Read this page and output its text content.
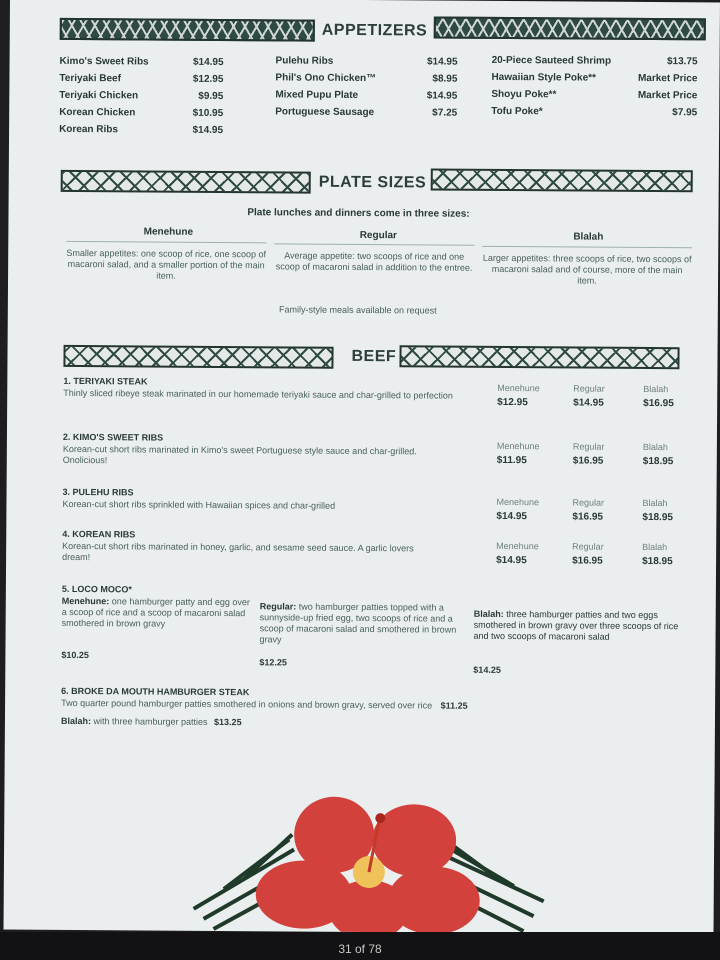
APPETIZERS
Kimo's Sweet Ribs	$14.95
Teriyaki Beef	$12.95
Teriyaki Chicken	$9.95
Korean Chicken	$10.95
Korean Ribs	$14.95
Pulehu Ribs	$14.95
Phil's Ono Chicken™	$8.95
Mixed Pupu Plate	$14.95
Portuguese Sausage	$7.25
20-Piece Sauteed Shrimp	$13.75
Hawaiian Style Poke**	Market Price
Shoyu Poke**	Market Price
Tofu Poke*	$7.95
PLATE SIZES
Plate lunches and dinners come in three sizes:
Menehune	Regular	Blalah
Smaller appetites: one scoop of rice, one scoop of macaroni salad, and a smaller portion of the main item.
Average appetite: two scoops of rice and one scoop of macaroni salad in addition to the entree.
Larger appetites: three scoops of rice, two scoops of macaroni salad and of course, more of the main item.
Family-style meals available on request
BEEF
1. TERIYAKI STEAK
Thinly sliced ribeye steak marinated in our homemade teriyaki sauce and char-grilled to perfection	Menehune	Regular	Blalah
$12.95	$14.95	$16.95
2. KIMO'S SWEET RIBS
Korean-cut short ribs marinated in Kimo's sweet Portuguese style sauce and char-grilled. Onolicious!
Menehune	Regular	Blalah
$11.95	$16.95	$18.95
3. PULEHU RIBS
Korean-cut short ribs sprinkled with Hawaiian spices and char-grilled	Menehune	Regular	Blalah
$14.95	$16.95	$18.95
4. KOREAN RIBS
Korean-cut short ribs marinated in honey, garlic, and sesame seed sauce. A garlic lovers dream!
Menehune	Regular	Blalah
$14.95	$16.95	$18.95
5. LOCO MOCO*
Menehune: one hamburger patty and egg over a scoop of rice and a scoop of macaroni salad smothered in brown gravy
$10.25
Regular: two hamburger patties topped with a sunnyside-up fried egg, two scoops of rice and a scoop of macaroni salad and smothered in brown gravy
$12.25
Blalah: three hamburger patties and two eggs smothered in brown gravy over three scoops of rice and two scoops of macaroni salad
$14.25
6. BROKE DA MOUTH HAMBURGER STEAK
Two quarter pound hamburger patties smothered in onions and brown gravy, served over rice $11.25
Blalah: with three hamburger patties $13.25
31 of 78
